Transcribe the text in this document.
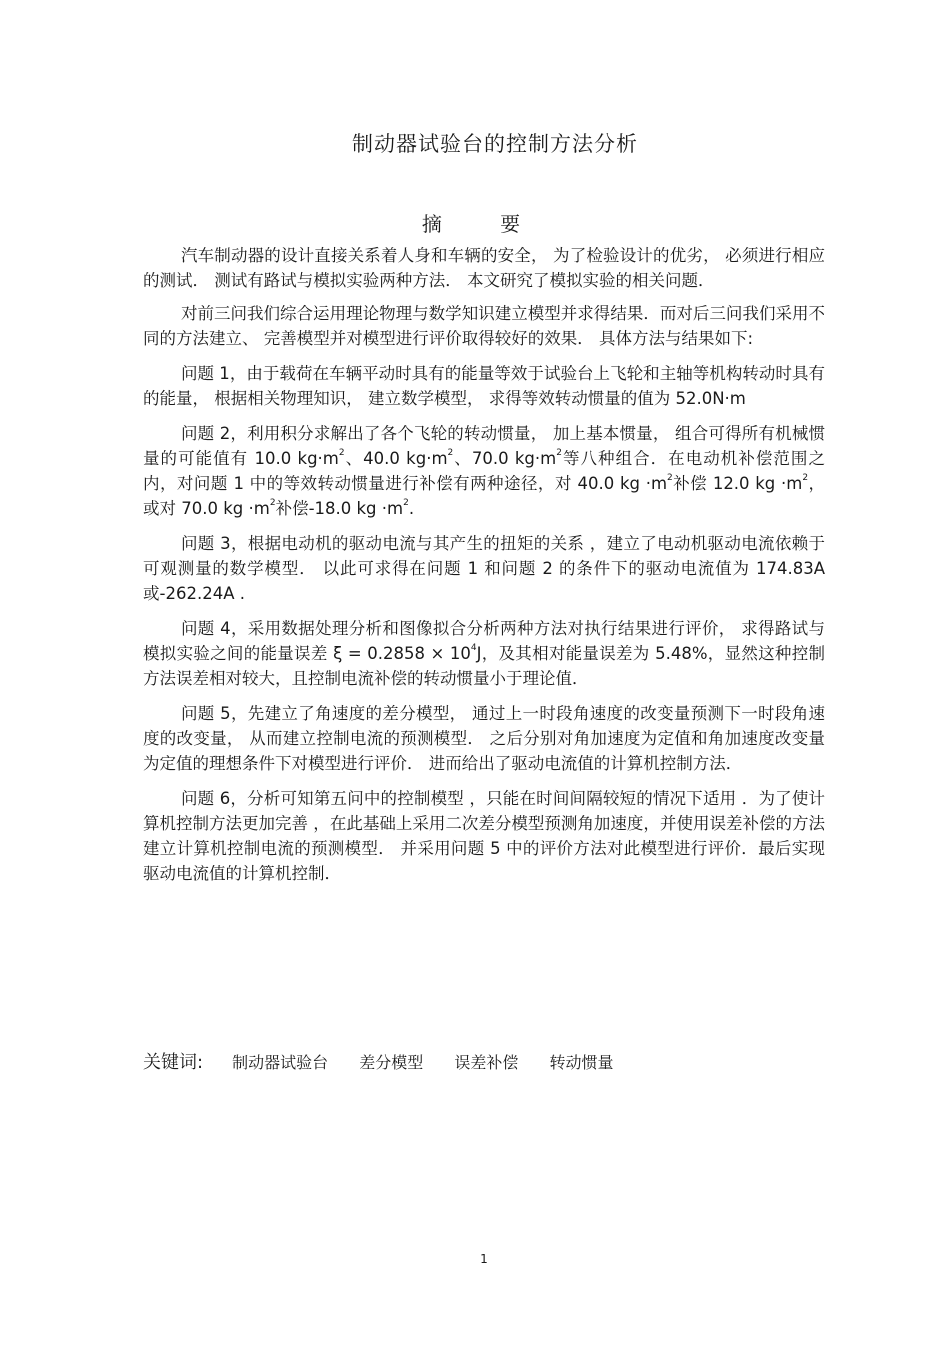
制动器试验台的控制方法分析
摘 要

汽车制动器的设计直接关系着人身和车辆的安全， 为了检验设计的优劣， 必须进行相应的测试． 测试有路试与模拟实验两种方法． 本文研究了模拟实验的相关问题．

对前三问我们综合运用理论物理与数学知识建立模型并求得结果．而对后三问我们采用不同的方法建立、 完善模型并对模型进行评价取得较好的效果． 具体方法与结果如下:

问题 1，由于载荷在车辆平动时具有的能量等效于试验台上飞轮和主轴等机构转动时具有的能量， 根据相关物理知识， 建立数学模型， 求得等效转动惯量的值为 52.0N·m

问题 2，利用积分求解出了各个飞轮的转动惯量， 加上基本惯量， 组合可得所有机械惯量的可能值有 10.0 $kg\cdot m^2$、40.0 $kg\cdot m^2$、70.0 $kg\cdot m^2$等八种组合．在电动机补偿范围之内，对问题 1 中的等效转动惯量进行补偿有两种途径，对 40.0 kg $\cdot m^2$补偿 12.0 kg $\cdot m^2$，或对 70.0 kg $\cdot m^2$补偿-18.0 kg $\cdot m^2$.

问题 3，根据电动机的驱动电流与其产生的扭矩的关系 ，建立了电动机驱动电流依赖于可观测量的数学模型． 以此可求得在问题 1 和问题 2 的条件下的驱动电流值为 174.83A 或-262.24A .

问题 4，采用数据处理分析和图像拟合分析两种方法对执行结果进行评价， 求得路试与模拟实验之间的能量误差 $\xi = 0.2858 \times 10^4J$，及其相对能量误差为 5.48%，显然这种控制方法误差相对较大，且控制电流补偿的转动惯量小于理论值．

问题 5，先建立了角速度的差分模型， 通过上一时段角速度的改变量预测下一时段角速度的改变量， 从而建立控制电流的预测模型． 之后分别对角加速度为定值和角加速度改变量为定值的理想条件下对模型进行评价． 进而给出了驱动电流值的计算机控制方法．

问题 6，分析可知第五问中的控制模型 ，只能在时间间隔较短的情况下适用 ．为了使计算机控制方法更加完善 ，在此基础上采用二次差分模型预测角加速度，并使用误差补偿的方法建立计算机控制电流的预测模型． 并采用问题 5 中的评价方法对此模型进行评价．最后实现驱动电流值的计算机控制．

关键词: 制动器试验台 差分模型 误差补偿 转动惯量
1
